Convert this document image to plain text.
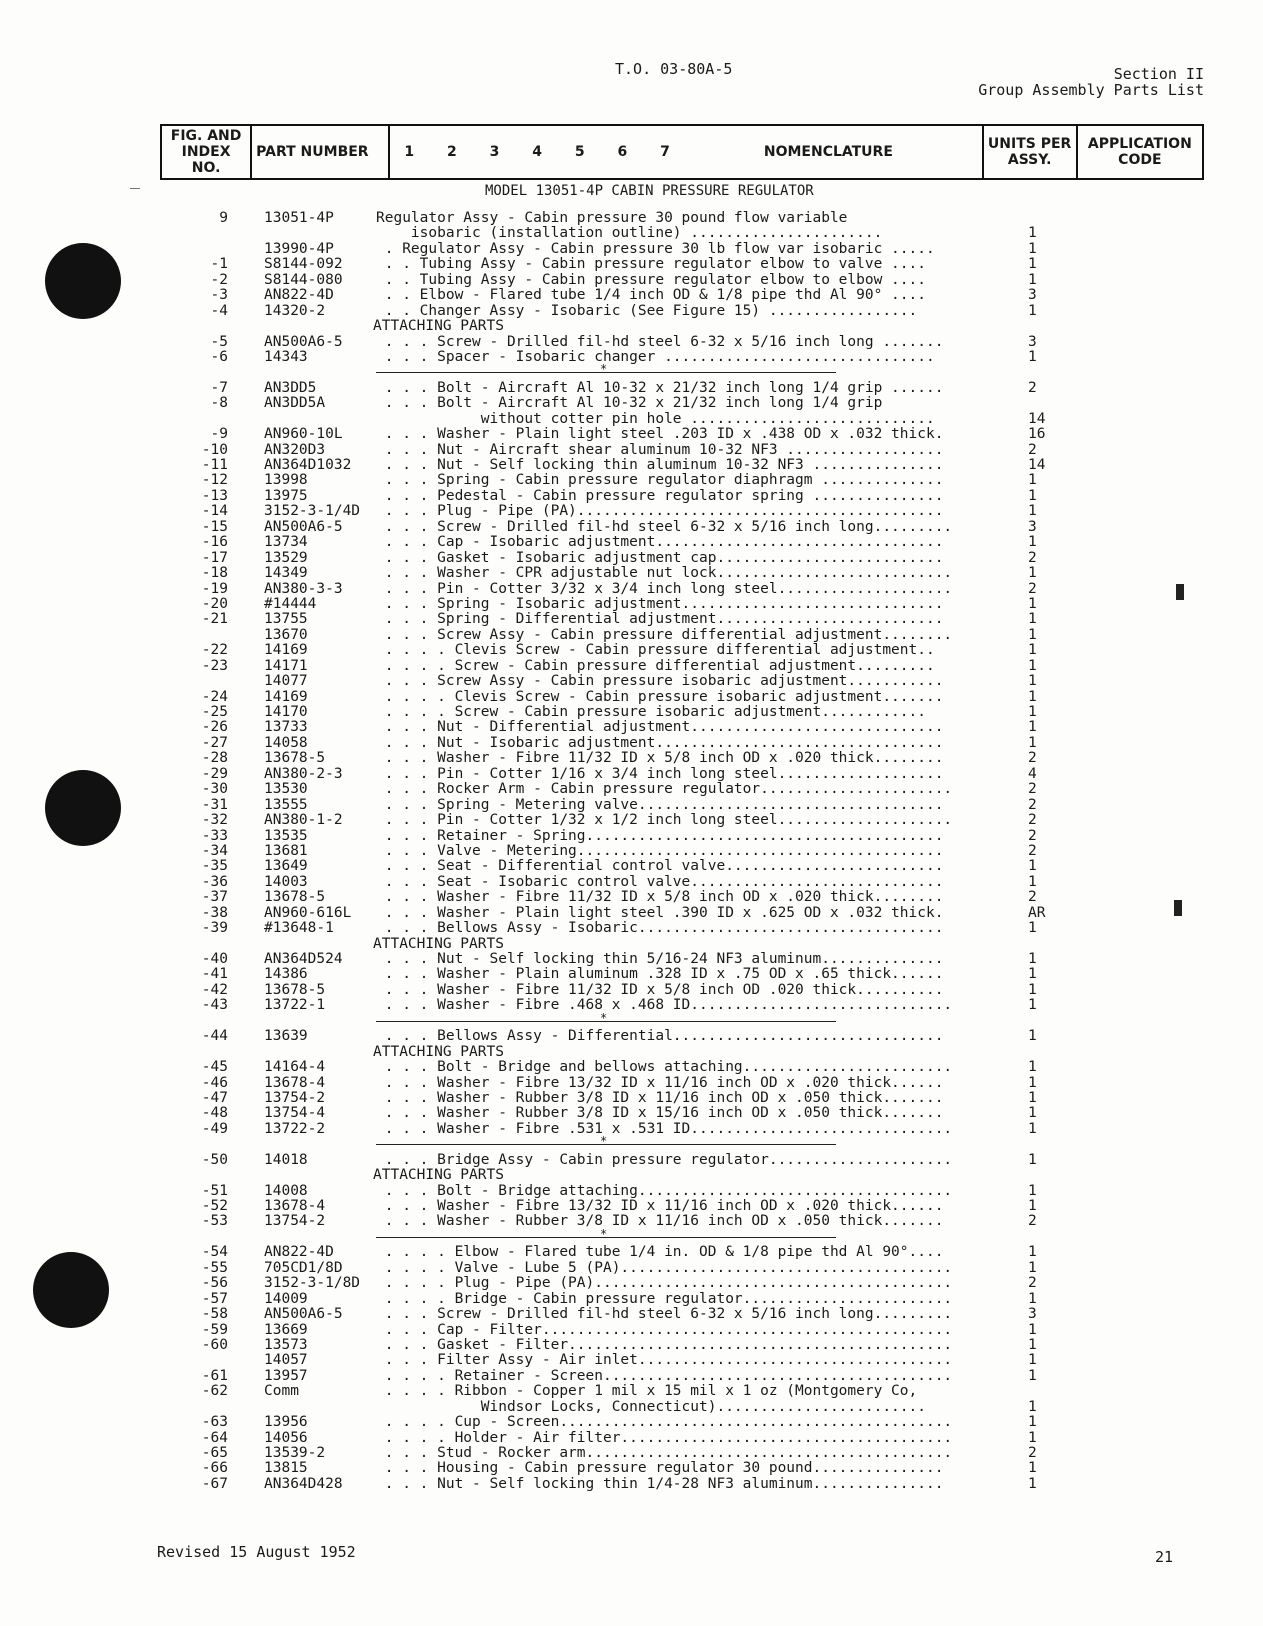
T.O. 03-80A-5	Section II
Group Assembly Parts List
FIG. AND INDEX NO.	PART NUMBER	1 2 3 4 5 6 7	NOMENCLATURE	UNITS PER ASSY.	APPLICATION CODE
MODEL 13051-4P CABIN PRESSURE REGULATOR
9 13051-4P	Regulator Assy - Cabin pressure 30 pound flow variable
isobaric (installation outline) ......................	1
13990-4P	. Regulator Assy - Cabin pressure 30 lb flow var isobaric .....	1
-1 S8144-092 . . Tubing Assy - Cabin pressure regulator elbow to valve ....	1
-2 S8144-080 . . Tubing Assy - Cabin pressure regulator elbow to elbow ....	1
-3 AN822-4D	. . Elbow - Flared tube 1/4 inch OD & 1/8 pipe thd Al 90° ....	3
-4 14320-2	. . Changer Assy - Isobaric (See Figure 15) .................	1
ATTACHING PARTS
-5 AN500A6-5 . . . Screw - Drilled fil-hd steel 6-32 x 5/16 inch long .......	3
-6 14343	. . . Spacer - Isobaric changer ...............................	1
*
-7 AN3DD5	. . . Bolt - Aircraft Al 10-32 x 21/32 inch long 1/4 grip ......	2
-8 AN3DD5A	. . . Bolt - Aircraft Al 10-32 x 21/32 inch long 1/4 grip
without cotter pin hole ............................	14
-9 AN960-10L . . . Washer - Plain light steel .203 ID x .438 OD x .032 thick.	16
-10 AN320D3	. . . Nut - Aircraft shear aluminum 10-32 NF3 ..................	2
-11 AN364D1032 . . . Nut - Self locking thin aluminum 10-32 NF3 ...............	14
-12 13998	. . . Spring - Cabin pressure regulator diaphragm ..............	1
-13 13975	. . . Pedestal - Cabin pressure regulator spring ...............	1
-14 3152-3-1/4D . . . Plug - Pipe (PA)..........................................	1
-15 AN500A6-5 . . . Screw - Drilled fil-hd steel 6-32 x 5/16 inch long.........	3
-16 13734	. . . Cap - Isobaric adjustment.................................	1
-17 13529	. . . Gasket - Isobaric adjustment cap..........................	2
-18 14349	. . . Washer - CPR adjustable nut lock...........................	1
-19 AN380-3-3 . . . Pin - Cotter 3/32 x 3/4 inch long steel....................	2
-20 #14444	. . . Spring - Isobaric adjustment..............................	1
-21 13755	. . . Spring - Differential adjustment..........................	1
13670	. . . Screw Assy - Cabin pressure differential adjustment........	1
-22 14169	. . . . Clevis Screw - Cabin pressure differential adjustment..	1
-23 14171	. . . . Screw - Cabin pressure differential adjustment.........	1
14077	. . . Screw Assy - Cabin pressure isobaric adjustment...........	1
-24 14169	. . . . Clevis Screw - Cabin pressure isobaric adjustment.......	1
-25 14170	. . . . Screw - Cabin pressure isobaric adjustment............	1
-26 13733	. . . Nut - Differential adjustment.............................	1
-27 14058	. . . Nut - Isobaric adjustment.................................	1
-28 13678-5	. . . Washer - Fibre 11/32 ID x 5/8 inch OD x .020 thick........	2
-29 AN380-2-3 . . . Pin - Cotter 1/16 x 3/4 inch long steel...................	4
-30 13530	. . . Rocker Arm - Cabin pressure regulator......................	2
-31 13555	. . . Spring - Metering valve...................................	2
-32 AN380-1-2 . . . Pin - Cotter 1/32 x 1/2 inch long steel....................	2
-33 13535	. . . Retainer - Spring.........................................	2
-34 13681	. . . Valve - Metering..........................................	2
-35 13649	. . . Seat - Differential control valve.........................	1
-36 14003	. . . Seat - Isobaric control valve.............................	1
-37 13678-5	. . . Washer - Fibre 11/32 ID x 5/8 inch OD x .020 thick........	2
-38 AN960-616L . . . Washer - Plain light steel .390 ID x .625 OD x .032 thick.	AR
-39 #13648-1	. . . Bellows Assy - Isobaric...................................	1
ATTACHING PARTS
-40 AN364D524 . . . Nut - Self locking thin 5/16-24 NF3 aluminum..............	1
-41 14386	. . . Washer - Plain aluminum .328 ID x .75 OD x .65 thick......	1
-42 13678-5	. . . Washer - Fibre 11/32 ID x 5/8 inch OD .020 thick..........	1
-43 13722-1	. . . Washer - Fibre .468 x .468 ID..............................	1
*
-44 13639	. . . Bellows Assy - Differential...............................	1
ATTACHING PARTS
-45 14164-4	. . . Bolt - Bridge and bellows attaching........................	1
-46 13678-4	. . . Washer - Fibre 13/32 ID x 11/16 inch OD x .020 thick......	1
-47 13754-2	. . . Washer - Rubber 3/8 ID x 11/16 inch OD x .050 thick.......	1
-48 13754-4	. . . Washer - Rubber 3/8 ID x 15/16 inch OD x .050 thick.......	1
-49 13722-2	. . . Washer - Fibre .531 x .531 ID..............................	1
*
-50 14018	. . . Bridge Assy - Cabin pressure regulator.....................	1
ATTACHING PARTS
-51 14008	. . . Bolt - Bridge attaching....................................	1
-52 13678-4	. . . Washer - Fibre 13/32 ID x 11/16 inch OD x .020 thick......	1
-53 13754-2	. . . Washer - Rubber 3/8 ID x 11/16 inch OD x .050 thick.......	2
*
-54 AN822-4D	. . . . Elbow - Flared tube 1/4 in. OD & 1/8 pipe thd Al 90°....	1
-55 705CD1/8D . . . . Valve - Lube 5 (PA)......................................	1
-56 3152-3-1/8D . . . . Plug - Pipe (PA).........................................	2
-57 14009	. . . . Bridge - Cabin pressure regulator........................	1
-58 AN500A6-5 . . . Screw - Drilled fil-hd steel 6-32 x 5/16 inch long.........	3
-59 13669	. . . Cap - Filter...............................................	1
-60 13573	. . . Gasket - Filter............................................	1
14057	. . . Filter Assy - Air inlet....................................	1
-61 13957	. . . . Retainer - Screen........................................	1
-62 Comm	. . . . Ribbon - Copper 1 mil x 15 mil x 1 oz (Montgomery Co,
Windsor Locks, Connecticut)........................	1
-63 13956	. . . . Cup - Screen.............................................	1
-64 14056	. . . . Holder - Air filter......................................	1
-65 13539-2	. . . Stud - Rocker arm..........................................	2
-66 13815	. . . Housing - Cabin pressure regulator 30 pound...............	1
-67 AN364D428 . . . Nut - Self locking thin 1/4-28 NF3 aluminum...............	1
Revised 15 August 1952	21
